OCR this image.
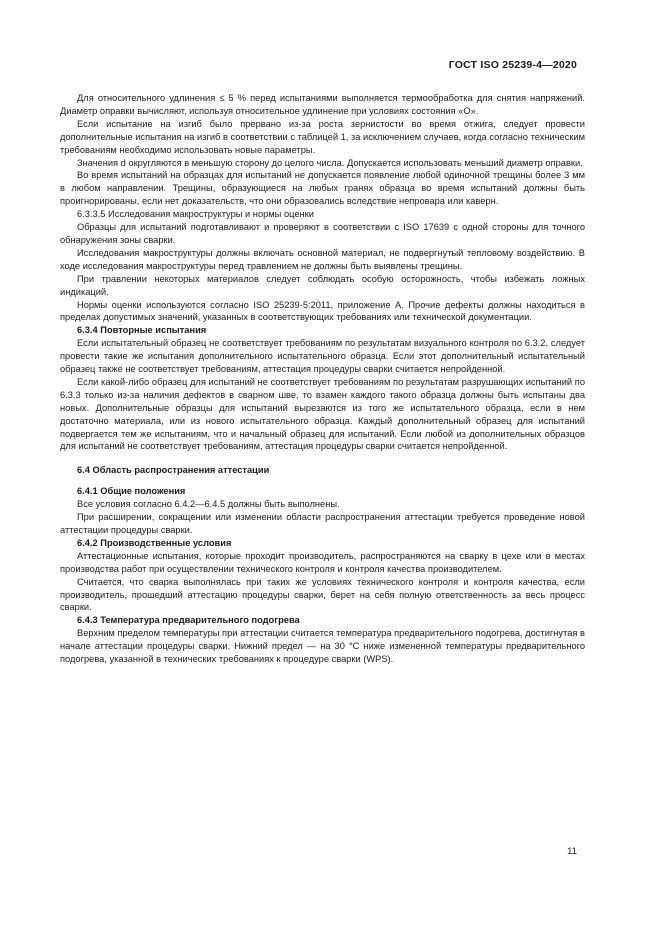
ГОСТ ISO 25239-4—2020

Для относительного удлинения ≤ 5 % перед испытаниями выполняется термообработка для снятия напряжений. Диаметр оправки вычисляют, используя относительное удлинение при условиях состояния «O».

Если испытание на изгиб было прервано из-за роста зернистости во время отжига, следует провести дополнительные испытания на изгиб в соответствии с таблицей 1, за исключением случаев, когда согласно техническим требованиям необходимо использовать новые параметры.

Значения d округляются в меньшую сторону до целого числа. Допускается использовать меньший диаметр оправки.

Во время испытаний на образцах для испытаний не допускается появление любой одиночной трещины более 3 мм в любом направлении. Трещины, образующиеся на любых гранях образца во время испытаний должны быть проигнорированы, если нет доказательств, что они образовались вследствие непровара или каверн.

6.3.3.5 Исследования макроструктуры и нормы оценки

Образцы для испытаний подготавливают и проверяют в соответствии с ISO 17639 с одной стороны для точного обнаружения зоны сварки.

Исследования макроструктуры должны включать основной материал, не подвергнутый тепловому воздействию. В ходе исследования макроструктуры перед травлением не должны быть выявлены трещины.

При травлении некоторых материалов следует соблюдать особую осторожность, чтобы избежать ложных индикаций.

Нормы оценки используются согласно ISO 25239-5:2011, приложение A. Прочие дефекты должны находиться в пределах допустимых значений, указанных в соответствующих требованиях или технической документации.

6.3.4 Повторные испытания

Если испытательный образец не соответствует требованиям по результатам визуального контроля по 6.3.2, следует провести такие же испытания дополнительного испытательного образца. Если этот дополнительный испытательный образец также не соответствует требованиям, аттестация процедуры сварки считается непройденной.

Если какой-либо образец для испытаний не соответствует требованиям по результатам разрушающих испытаний по 6.3.3 только из-за наличия дефектов в сварном шве, то взамен каждого такого образца должны быть испытаны два новых. Дополнительные образцы для испытаний вырезаются из того же испытательного образца, если в нем достаточно материала, или из нового испытательного образца. Каждый дополнительный образец для испытаний подвергается тем же испытаниям, что и начальный образец для испытаний. Если любой из дополнительных образцов для испытаний не соответствует требованиям, аттестация процедуры сварки считается непройденной.

6.4 Область распространения аттестации

6.4.1 Общие положения

Все условия согласно 6.4.2—6.4.5 должны быть выполнены.

При расширении, сокращении или изменении области распространения аттестации требуется проведение новой аттестации процедуры сварки.

6.4.2 Производственные условия

Аттестационные испытания, которые проходит производитель, распространяются на сварку в цехе или в местах производства работ при осуществлении технического контроля и контроля качества производителем.

Считается, что сварка выполнялась при таких же условиях технического контроля и контроля качества, если производитель, прошедший аттестацию процедуры сварки, берет на себя полную ответственность за весь процесс сварки.

6.4.3 Температура предварительного подогрева

Верхним пределом температуры при аттестации считается температура предварительного подогрева, достигнутая в начале аттестации процедуры сварки. Нижний предел — на 30 °C ниже измененной температуры предварительного подогрева, указанной в технических требованиях к процедуре сварки (WPS).

11
